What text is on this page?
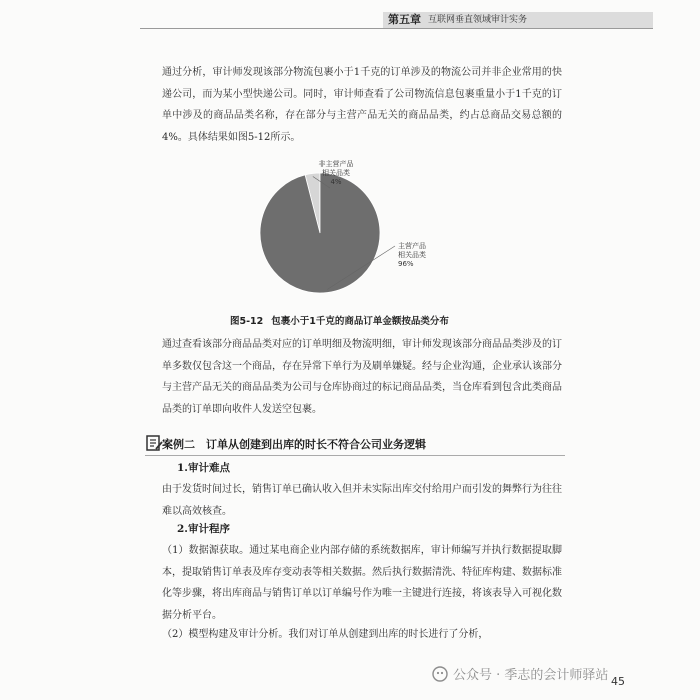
第五章 互联网垂直领域审计实务

通过分析，审计师发现该部分物流包裹小于1千克的订单涉及的物流公司并非企业常用的快递公司，而为某小型快递公司。同时，审计师查看了公司物流信息包裹重量小于1千克的订单中涉及的商品品类名称，存在部分与主营产品无关的商品品类，约占总商品交易总额的4%。具体结果如图5-12所示。

非主营产品
相关品类
4%
主营产品
相关品类
96%
图5-12 包裹小于1千克的商品订单金额按品类分布

通过查看该部分商品品类对应的订单明细及物流明细，审计师发现该部分商品品类涉及的订单多数仅包含这一个商品，存在异常下单行为及刷单嫌疑。经与企业沟通，企业承认该部分与主营产品无关的商品品类为公司与仓库协商过的标记商品品类，当仓库看到包含此类商品品类的订单即向收件人发送空包裹。

案例二 订单从创建到出库的时长不符合公司业务逻辑
1.审计难点

由于发货时间过长，销售订单已确认收入但并未实际出库交付给用户而引发的舞弊行为往往难以高效核查。

2.审计程序

（1）数据源获取。通过某电商企业内部存储的系统数据库，审计师编写并执行数据提取脚本，提取销售订单表及库存变动表等相关数据。然后执行数据清洗、特征库构建、数据标准化等步骤，将出库商品与销售订单以订单编号作为唯一主键进行连接，将该表导入可视化数据分析平台。

（2）模型构建及审计分析。我们对订单从创建到出库的时长进行了分析，

公众号 · 季志的会计师驿站 45
